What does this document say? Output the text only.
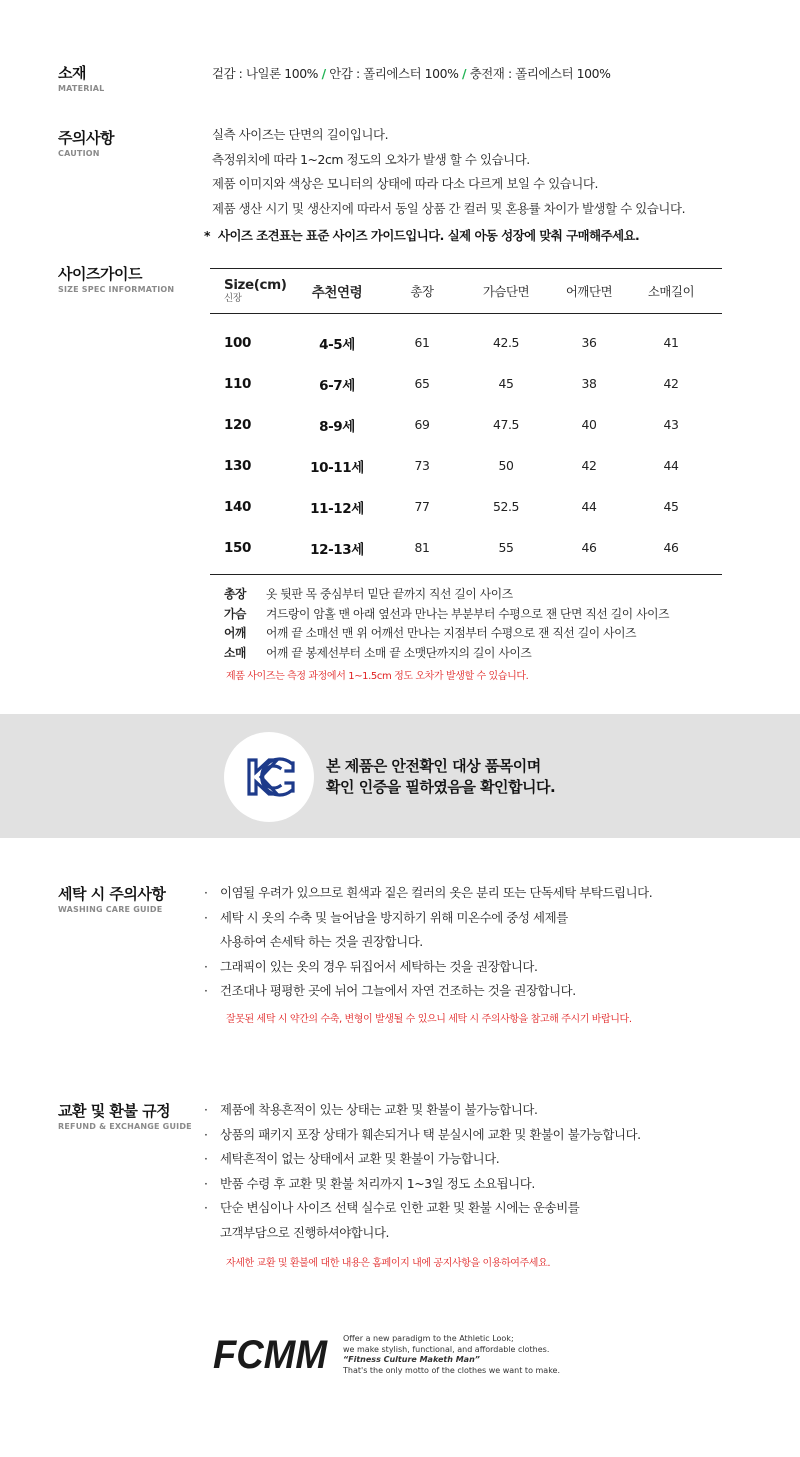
소재
MATERIAL
겉감 : 나일론 100% / 안감 : 폴리에스터 100% / 충전재 : 폴리에스터 100%
주의사항
CAUTION
실측 사이즈는 단면의 길이입니다.
측정위치에 따라 1~2cm 정도의 오차가 발생 할 수 있습니다.
제품 이미지와 색상은 모니터의 상태에 따라 다소 다르게 보일 수 있습니다.
제품 생산 시기 및 생산지에 따라서 동일 상품 간 컬러 및 혼용률 차이가 발생할 수 있습니다.
* 사이즈 조견표는 표준 사이즈 가이드입니다. 실제 아동 성장에 맞춰 구매해주세요.
사이즈가이드
SIZE SPEC INFORMATION	Size(cm)
신장	추천연령	총장	가슴단면	어깨단면	소매길이
100	4-5세	61	42.5	36	41
110	6-7세	65	45	38	42
120	8-9세	69	47.5	40	43
130	10-11세	73	50	42	44
140	11-12세	77	52.5	44	45
150	12-13세	81	55	46	46
총장 옷 뒷판 목 중심부터 밑단 끝까지 직선 길이 사이즈
가슴 겨드랑이 암홀 맨 아래 옆선과 만나는 부분부터 수평으로 잰 단면 직선 길이 사이즈
어깨 어깨 끝 소매선 맨 위 어깨선 만나는 지점부터 수평으로 잰 직선 길이 사이즈
소매 어깨 끝 봉제선부터 소매 끝 소맷단까지의 길이 사이즈
제품 사이즈는 측정 과정에서 1~1.5cm 정도 오차가 발생할 수 있습니다.
본 제품은 안전확인 대상 품목이며
확인 인증을 필하였음을 확인합니다.
세탁 시 주의사항
WASHING CARE GUIDE
· 이염될 우려가 있으므로 흰색과 짙은 컬러의 옷은 분리 또는 단독세탁 부탁드립니다.
· 세탁 시 옷의 수축 및 늘어남을 방지하기 위해 미온수에 중성 세제를
사용하여 손세탁 하는 것을 권장합니다.
· 그래픽이 있는 옷의 경우 뒤집어서 세탁하는 것을 권장합니다.
· 건조대나 평평한 곳에 뉘어 그늘에서 자연 건조하는 것을 권장합니다.
잘못된 세탁 시 약간의 수축, 변형이 발생될 수 있으니 세탁 시 주의사항을 참고해 주시기 바랍니다.
교환 및 환불 규정
REFUND & EXCHANGE GUIDE
· 제품에 착용흔적이 있는 상태는 교환 및 환불이 불가능합니다.
· 상품의 패키지 포장 상태가 훼손되거나 택 분실시에 교환 및 환불이 불가능합니다.
· 세탁흔적이 없는 상태에서 교환 및 환불이 가능합니다.
· 반품 수령 후 교환 및 환불 처리까지 1~3일 정도 소요됩니다.
· 단순 변심이나 사이즈 선택 실수로 인한 교환 및 환불 시에는 운송비를
고객부담으로 진행하셔야합니다.
자세한 교환 및 환불에 대한 내용은 홈페이지 내에 공지사항을 이용하여주세요.
FCMM Offer a new paradigm to the Athletic Look;
we make stylish, functional, and affordable clothes.
“Fitness Culture Maketh Man”
That's the only motto of the clothes we want to make.
